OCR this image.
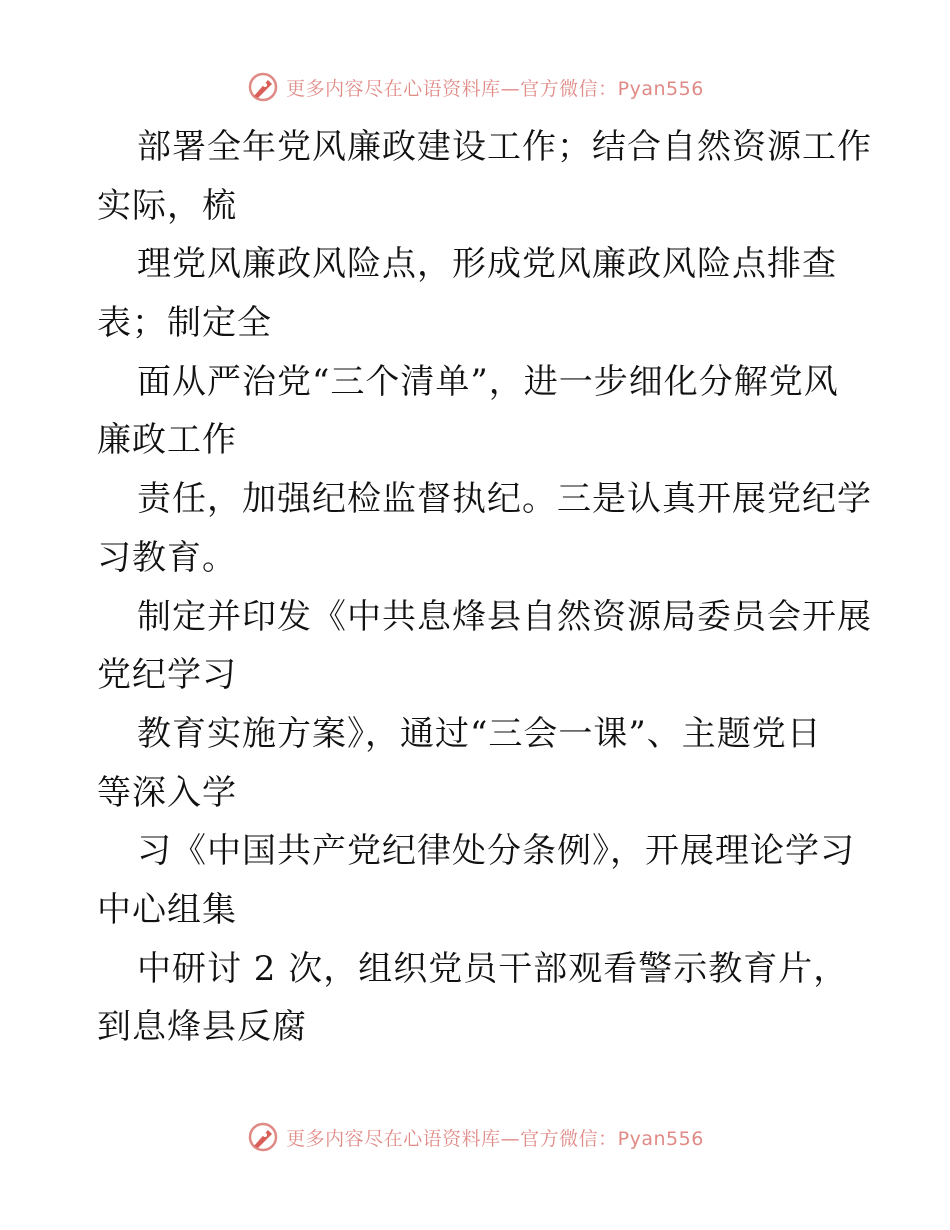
更多内容尽在心语资料库—官方微信：Pyan556
部署全年党风廉政建设工作；结合自然资源工作
实际，梳
理党风廉政风险点，形成党风廉政风险点排查
表；制定全
面从严治党“三个清单”，进一步细化分解党风
廉政工作
责任，加强纪检监督执纪。三是认真开展党纪学
习教育。
制定并印发《中共息烽县自然资源局委员会开展
党纪学习
教育实施方案》，通过“三会一课”、主题党日
等深入学
习《中国共产党纪律处分条例》，开展理论学习
中心组集
中研讨 2 次，组织党员干部观看警示教育片，
到息烽县反腐
更多内容尽在心语资料库—官方微信：Pyan556
